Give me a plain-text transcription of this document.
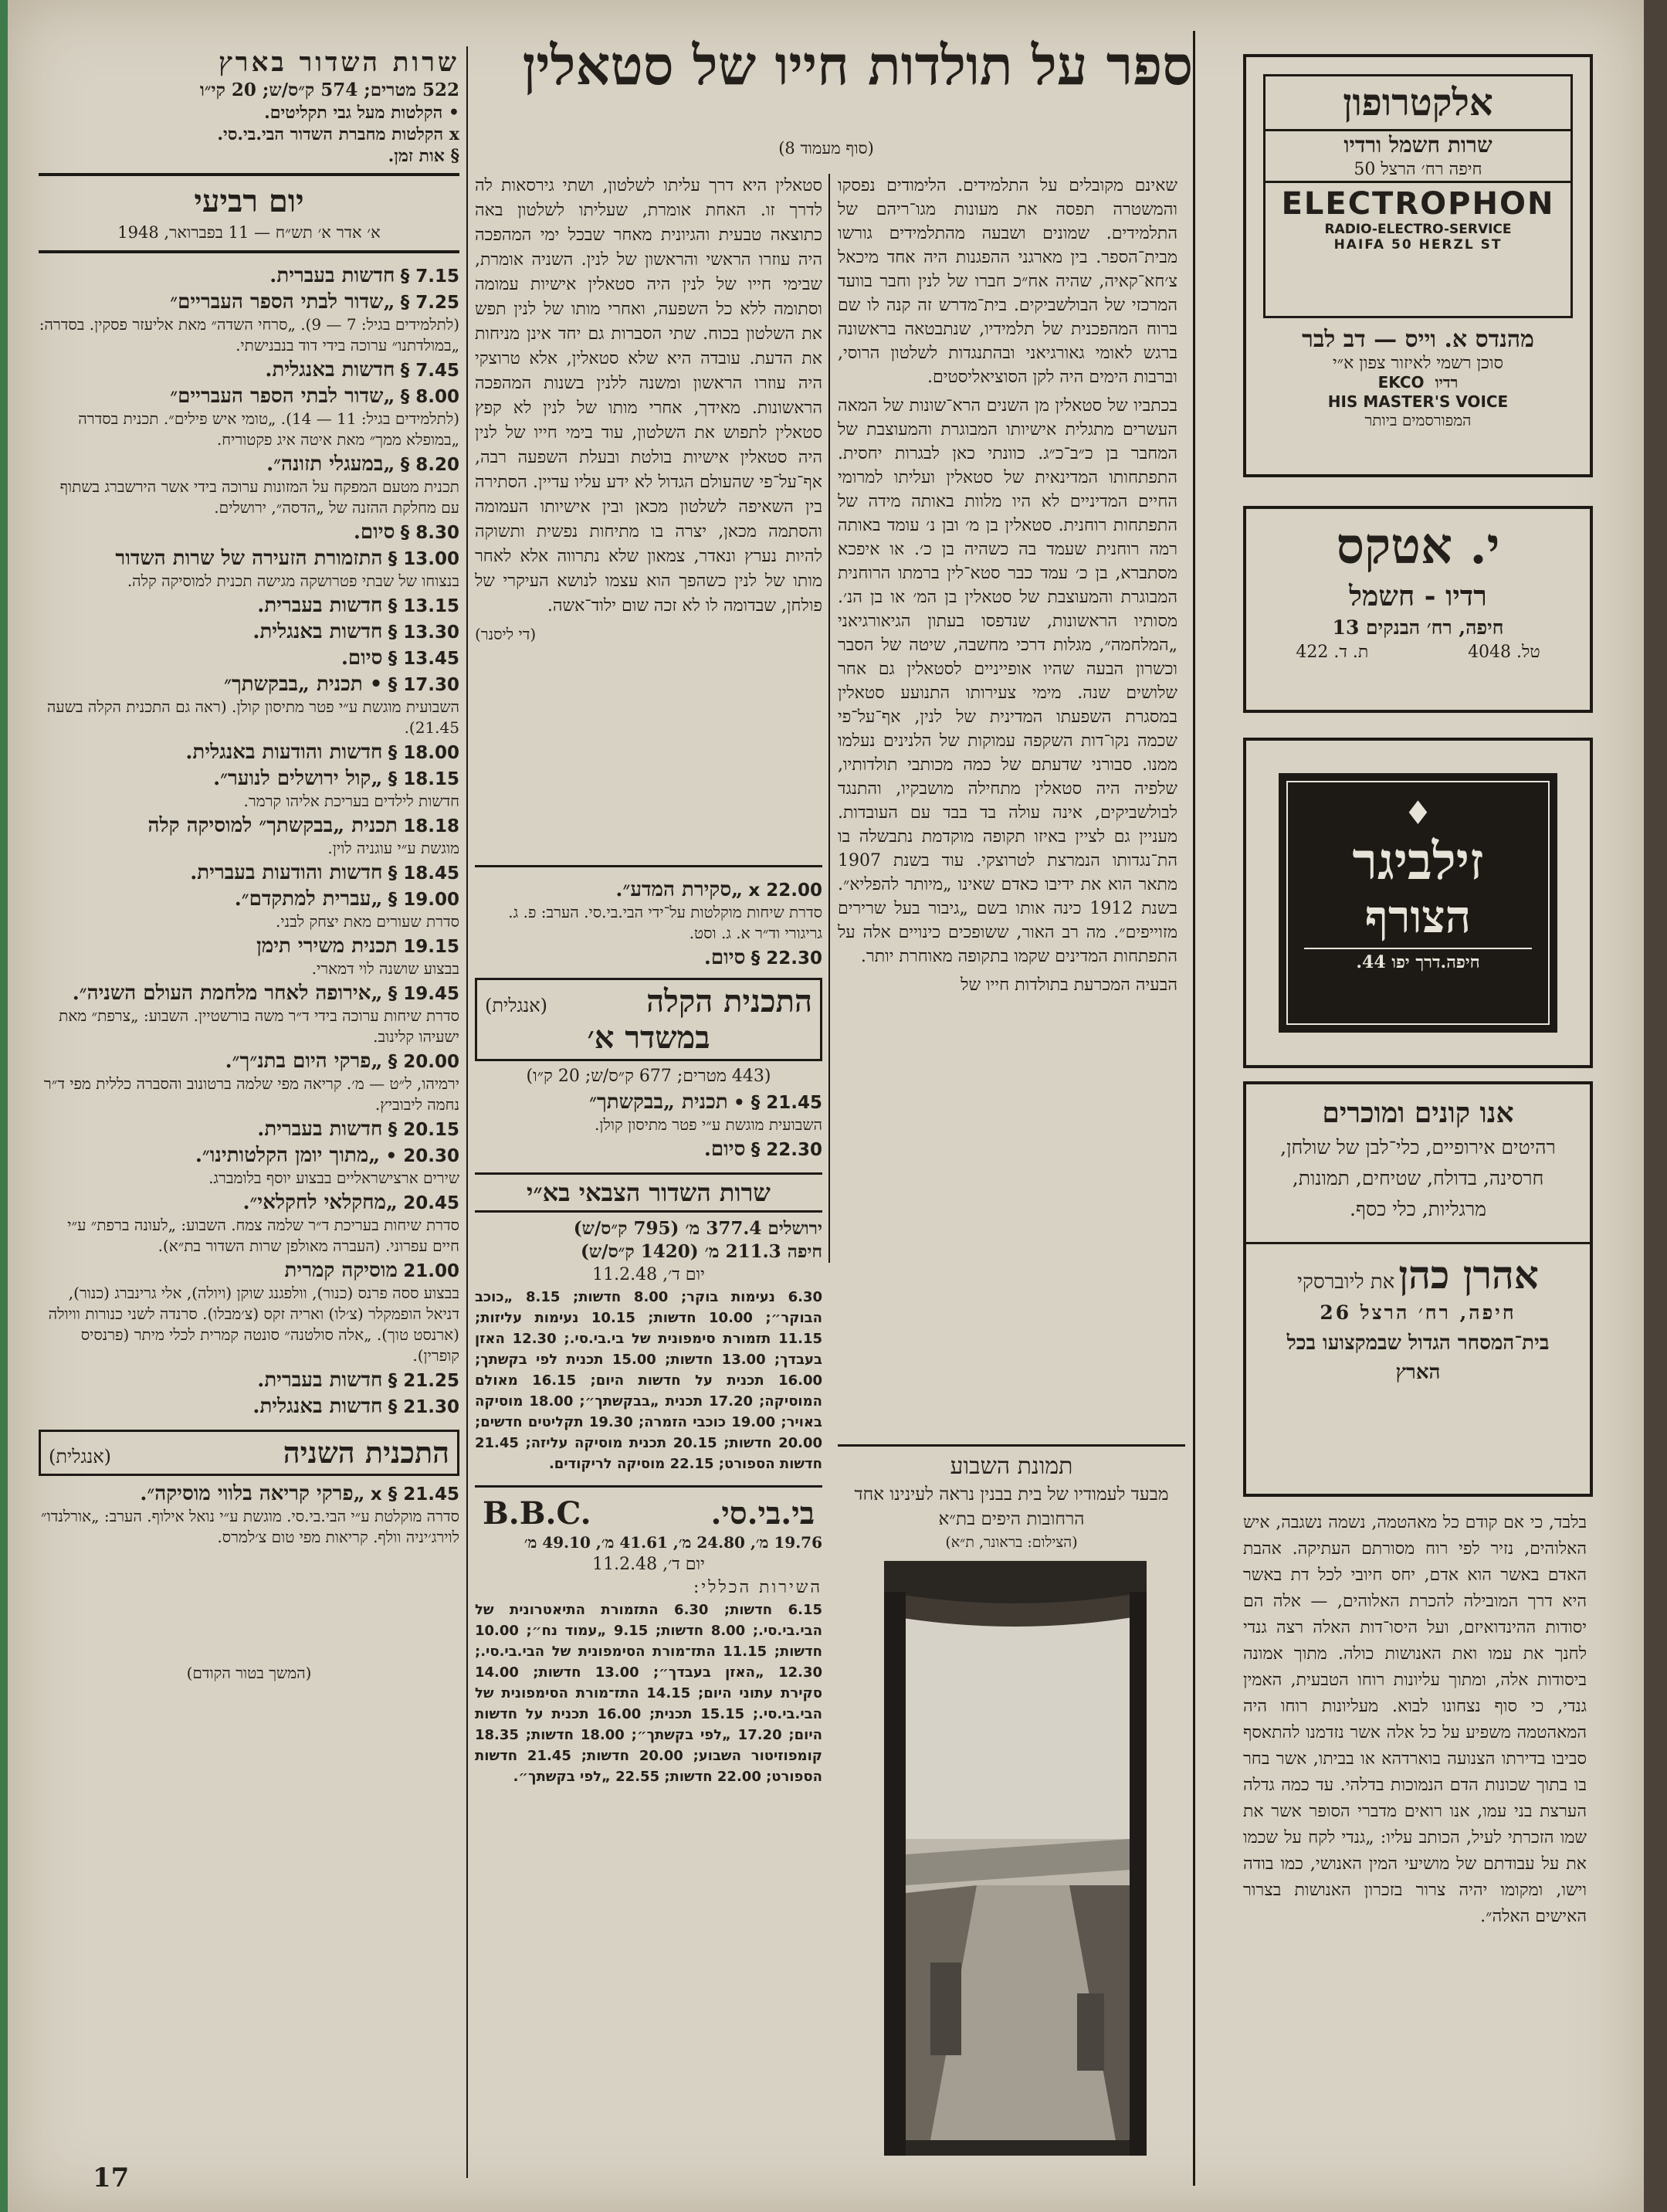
שרות השדור בארץ
522 מטרים; 574 ק״ס/ש; 20 קי״ו
• הקלטות מעל גבי תקליטים.
x הקלטות מחברת השדור הבי.בי.סי.
§ אות זמן.
יום רביעי
א׳ אדר א׳ תש״ח — 11 בפברואר, 1948
7.15 § חדשות בעברית.
7.25 § „שדור לבתי הספר העבריים״
(לתלמידים בגיל: 7 — 9). „סרחי השדה״ מאת אליעזר פסקין. בסדרה: „במולדתנו״ ערוכה בידי דוד בנבנישתי.
7.45 § חדשות באנגלית.
8.00 § „שדור לבתי הספר העבריים״
(לתלמידים בגיל: 11 — 14). „טומי איש פילים״. תכנית בסדרה „במופלא ממך״ מאת איטה איג פקטוריח.
8.20 § „במעגלי תזונה״.
תכנית מטעם המפקח על המזונות ערוכה בידי אשר הירשברג בשתוף עם מחלקת ההזנה של „הדסה״, ירושלים.
8.30 § סיום.
13.00 § התזמורת הזעירה של שרות השדור
בנצוחו של שבתי פטרושקה מגישה תכנית למוסיקה קלה.
13.15 § חדשות בעברית.
13.30 § חדשות באנגלית.
13.45 § סיום.
17.30 § • תכנית „בבקשתך״
השבועית מוגשת ע״י פטר מתיסון קולן. (ראה גם התכנית הקלה בשעה 21.45).
18.00 § חדשות והודעות באנגלית.
18.15 § „קול ירושלים לנוער״.
חדשות לילדים בעריכת אליהו קרמר.
18.18 תכנית „בבקשתך״ למוסיקה קלה
מוגשת ע״י עוגניה לוין.
18.45 § חדשות והודעות בעברית.
19.00 § „עברית למתקדם״.
סדרת שעורים מאת יצחק לבני.
19.15 תכנית משירי תימן
בבצוע שושנה לוי דמארי.
19.45 § „אירופה לאחר מלחמת העולם השניה״.
סדרת שיחות ערוכה בידי ד״ר משה בורשטיין. השבוע: „צרפת״ מאת ישעיהו קלינוב.
20.00 § „פרקי היום בתנ״ך״.
ירמיהו, ל״ט — מ׳. קריאה מפי שלמה ברטונוב והסברה כללית מפי ד״ר נחמה ליבוביץ.
20.15 § חדשות בעברית.
20.30 • „מתוך יומן הקלטותינו״.
שירים ארצישראליים בבצוע יוסף בלומברג.
20.45 „מחקלאי לחקלאי״.
סדרת שיחות בעריכת ד״ר שלמה צמח. השבוע: „לעונה ברפת״ ע״י חיים עפרוני. (העברה מאולפן שרות השדור בת״א).
21.00 מוסיקה קמרית
בבצוע ססה פרנס (כנור), וולפגנג שוקן (ויולה), אלי גרינברג (כנור), דניאל הופמקלר (צ׳לו) ואריה זקס (צ׳מבלו). סרנדה לשני כנורות וויולה (ארנסט טוך). „אלה סולטנה״ סונטה קמרית לכלי מיתר (פרנסיס קופרין).
21.25 § חדשות בעברית.
21.30 § חדשות באנגלית.
התכנית השניה
(אנגלית)
21.45 § x „פרקי קריאה בלווי מוסיקה״.
סדרה מוקלטת ע״י הבי.בי.סי. מוגשת ע״י נואל אילוף. הערב: „אורלנדו״ לוירג׳יניה וולף. קריאות מפי טום צ׳למרס.
(המשך בטור הקודם)
ספר על תולדות חייו של סטאלין
(סוף מעמוד 8)

סטאלין היא דרך עליתו לשלטון, ושתי גירסאות לה לדרך זו. האחת אומרת, שעליתו לשלטון באה כתוצאה טבעית והגיונית מאחר שבכל ימי המהפכה היה עוזרו הראשי והראשון של לנין. השניה אומרת, שבימי חייו של לנין היה סטאלין אישיות עמומה וסתומה ללא כל השפעה, ואחרי מותו של לנין תפש את השלטון בכוח. שתי הסברות גם יחד אינן מניחות את הדעת. עובדה היא שלא סטאלין, אלא טרוצקי היה עוזרו הראשון ומשנה ללנין בשנות המהפכה הראשונות. מאידך, אחרי מותו של לנין לא קפץ סטאלין לתפוש את השלטון, עוד בימי חייו של לנין היה סטאלין אישיות בולטת ובעלת השפעה רבה, אף־על־פי שהעולם הגדול לא ידע עליו עדיין. הסתירה בין השאיפה לשלטון מכאן ובין אישיותו העמומה והסתמה מכאן, יצרה בו מתיחות נפשית ותשוקה להיות נערץ ונאדר, צמאון שלא נתרווה אלא לאחר מותו של לנין כשהפך הוא עצמו לנושא העיקרי של פולחן, שבדומה לו לא זכה שום ילוד־אשה.

(די ליסנר)
22.00 x „סקירת המדע״.
סדרת שיחות מוקלטות על־ידי הבי.בי.סי. הערב: פ. ג. גריגורי וד״ר א. ג. וסט.
22.30 § סיום.
התכנית הקלה
(אנגלית)
במשדר א׳
(443 מטרים; 677 ק״ס/ש; 20 ק״ו)
21.45 § • תכנית „בבקשתך״
השבועית מוגשת ע״י פטר מתיסון קולן.
22.30 § סיום.
שרות השדור הצבאי בא״י
ירושלים 377.4 מ׳ (795 ק״ס/ש)
חיפה 211.3 מ׳ (1420 ק״ס/ש)
יום ד׳, 11.2.48

6.30 נעימות בוקר; 8.00 חדשות; 8.15 „כוכב הבוקר״; 10.00 חדשות; 10.15 נעימות עליזות; 11.15 תזמורת סימפונית של בי.בי.סי.; 12.30 האזן בעבדך; 13.00 חדשות; 15.00 תכנית לפי בקשתך; 16.00 תכנית על חדשות היום; 16.15 מאולם המוסיקה; 17.20 תכנית „בבקשתך״; 18.00 מוסיקה באויר; 19.00 כוכבי הזמרה; 19.30 תקליטים חדשים; 20.00 חדשות; 20.15 תכנית מוסיקה עליזה; 21.45 חדשות הספורט; 22.15 מוסיקה לריקודים.

בי.בי.סי.
B.B.C.
19.76 מ׳, 24.80 מ׳, 41.61 מ׳, 49.10 מ׳
יום ד׳, 11.2.48
השירות הכללי:

6.15 חדשות; 6.30 התזמורת התיאטרונית של הבי.בי.סי.; 8.00 חדשות; 9.15 „עמוד נח״; 10.00 חדשות; 11.15 התז־מורת הסימפונית של הבי.בי.סי.; 12.30 „האזן בעבדך״; 13.00 חדשות; 14.00 סקירת עתוני היום; 14.15 התז־מורת הסימפונית של הבי.בי.סי.; 15.15 תכנית; 16.00 תכנית על חדשות היום; 17.20 „לפי בקשתך״; 18.00 חדשות; 18.35 קומפוזיטור השבוע; 20.00 חדשות; 21.45 חדשות הספורט; 22.00 חדשות; 22.55 „לפי בקשתך״.

שאינם מקובלים על התלמידים. הלימודים נפסקו והמשטרה תפסה את מעונות מגו־ריהם של התלמידים. שמונים ושבעה מהתלמידים גורשו מבית־הספר. בין מארגני ההפגנות היה אחד מיכאל צ׳חא־קאיה, שהיה אח״כ חברו של לנין וחבר בוועד המרכזי של הבולשביקים. בית־מדרש זה קנה לו שם ברוח המהפכנית של תלמידיו, שנתבטאה בראשונה ברגש לאומי גאורגיאני ובהתנגדות לשלטון הרוסי, וברבות הימים היה לקן הסוציאליסטים.

בכתביו של סטאלין מן השנים הרא־שונות של המאה העשרים מתגלית אישיותו המבוגרת והמעוצבת של המחבר בן כ״ב־כ״ג. כוונתי כאן לבגרות יחסית. התפתחותו המדינאית של סטאלין ועליתו למרומי החיים המדיניים לא היו מלוות באותה מידה של התפתחות רוחנית. סטאלין בן מ׳ ובן נ׳ עומד באותה רמה רוחנית שעמד בה כשהיה בן כ׳. או איפכא מסתברא, בן כ׳ עמד כבר סטא־לין ברמתו הרוחנית המבוגרת והמעוצבת של סטאלין בן המ׳ או בן הנ׳. מסותיו הראשונות, שנדפסו בעתון הגיאורגיאני „המלחמה״, מגלות דרכי מחשבה, שיטה של הסבר וכשרון הבעה שהיו אופייניים לסטאלין גם אחר שלושים שנה. מימי צעירותו התנועע סטאלין במסגרת השפעתו המדינית של לנין, אף־על־פי שכמה נקו־דות השקפה עמוקות של הלנינים נעלמו ממנו. סבורני שדעתם של כמה מכותבי תולדותיו, שלפיה היה סטאלין מתחילה מושבקיו, והתנגד לבולשביקים, אינה עולה בד בבד עם העובדות. מעניין גם לציין באיזו תקופה מוקדמת נתבשלה בו הת־נגדותו הנמרצת לטרוצקי. עוד בשנת 1907 מתאר הוא את ידיבו כאדם שאינו „מיותר להפליא״. בשנת 1912 כינה אותו בשם „גיבור בעל שרירים מזוייפים״. מה רב האור, ששופכים כינויים אלה על התפתחות המדינים שקמו בתקופה מאוחרת יותר.

הבעיה המכרעת בתולדות חייו של

תמונת השבוע
מבעד לעמודיו של בית בבנין נראה לעינינו אחד הרחובות היפים בת״א
(הצילום: בראונר, ת״א)
אלקטרופון
שרות חשמל ורדיו
חיפה רח׳ הרצל 50
ELECTROPHON
RADIO-ELECTRO-SERVICE
HAIFA 50 HERZL ST
מהנדס א. וייס — דב לבר
סוכן רשמי לאיזור צפון א״י
EKCO רדיו
HIS MASTER'S VOICE
המפורסמים ביותר
י. אטקס
רדיו - חשמל
חיפה, רח׳ הבנקים 13
טל. 4048
ת. ד. 422
♦
זילביגר
הצורף
חיפה.דרך יפו 44.
אנו קונים ומוכרים
רהיטים אירופיים, כלי־לבן של שולחן, חרסינה, בדולח, שטיחים, תמונות, מרגליות, כלי כסף.
אהרן כהן את ליוברסקי
חיפה, רח׳ הרצל 26
בית־המסחר הגדול שבמקצועו בכל הארץ

בלבד, כי אם קודם כל מאהטמה, נשמה נשגבה, איש האלוהים, נזיר לפי רוח מסורתם העתיקה. אהבת האדם באשר הוא אדם, יחס חיובי לכל דת באשר היא דרך המובילה להכרת האלוהים, — אלה הם יסודות ההינדואיזם, ועל היסו־דות האלה רצה גנדי לחנך את עמו ואת האנושות כולה. מתוך אמונה ביסודות אלה, ומתוך עליונות רוחו הטבעית, האמין גנדי, כי סוף נצחונו לבוא. מעליונות רוחו היה המאהטמה משפיע על כל אלה אשר נזדמנו להתאסף סביבו בדירתו הצנועה בוארדהא או בביתו, אשר בחר בו בתוך שכונות הדם הנמוכות בדלהי. עד כמה גדלה הערצת בני עמו, אנו רואים מדברי הסופר אשר את שמו הזכרתי לעיל, הכותב עליו: „גנדי לקח על שכמו את על עבודתם של מושיעי המין האנושי, כמו בודה וישו, ומקומו יהיה צרור בזכרון האנושות בצרור האישים האלה״.

17
